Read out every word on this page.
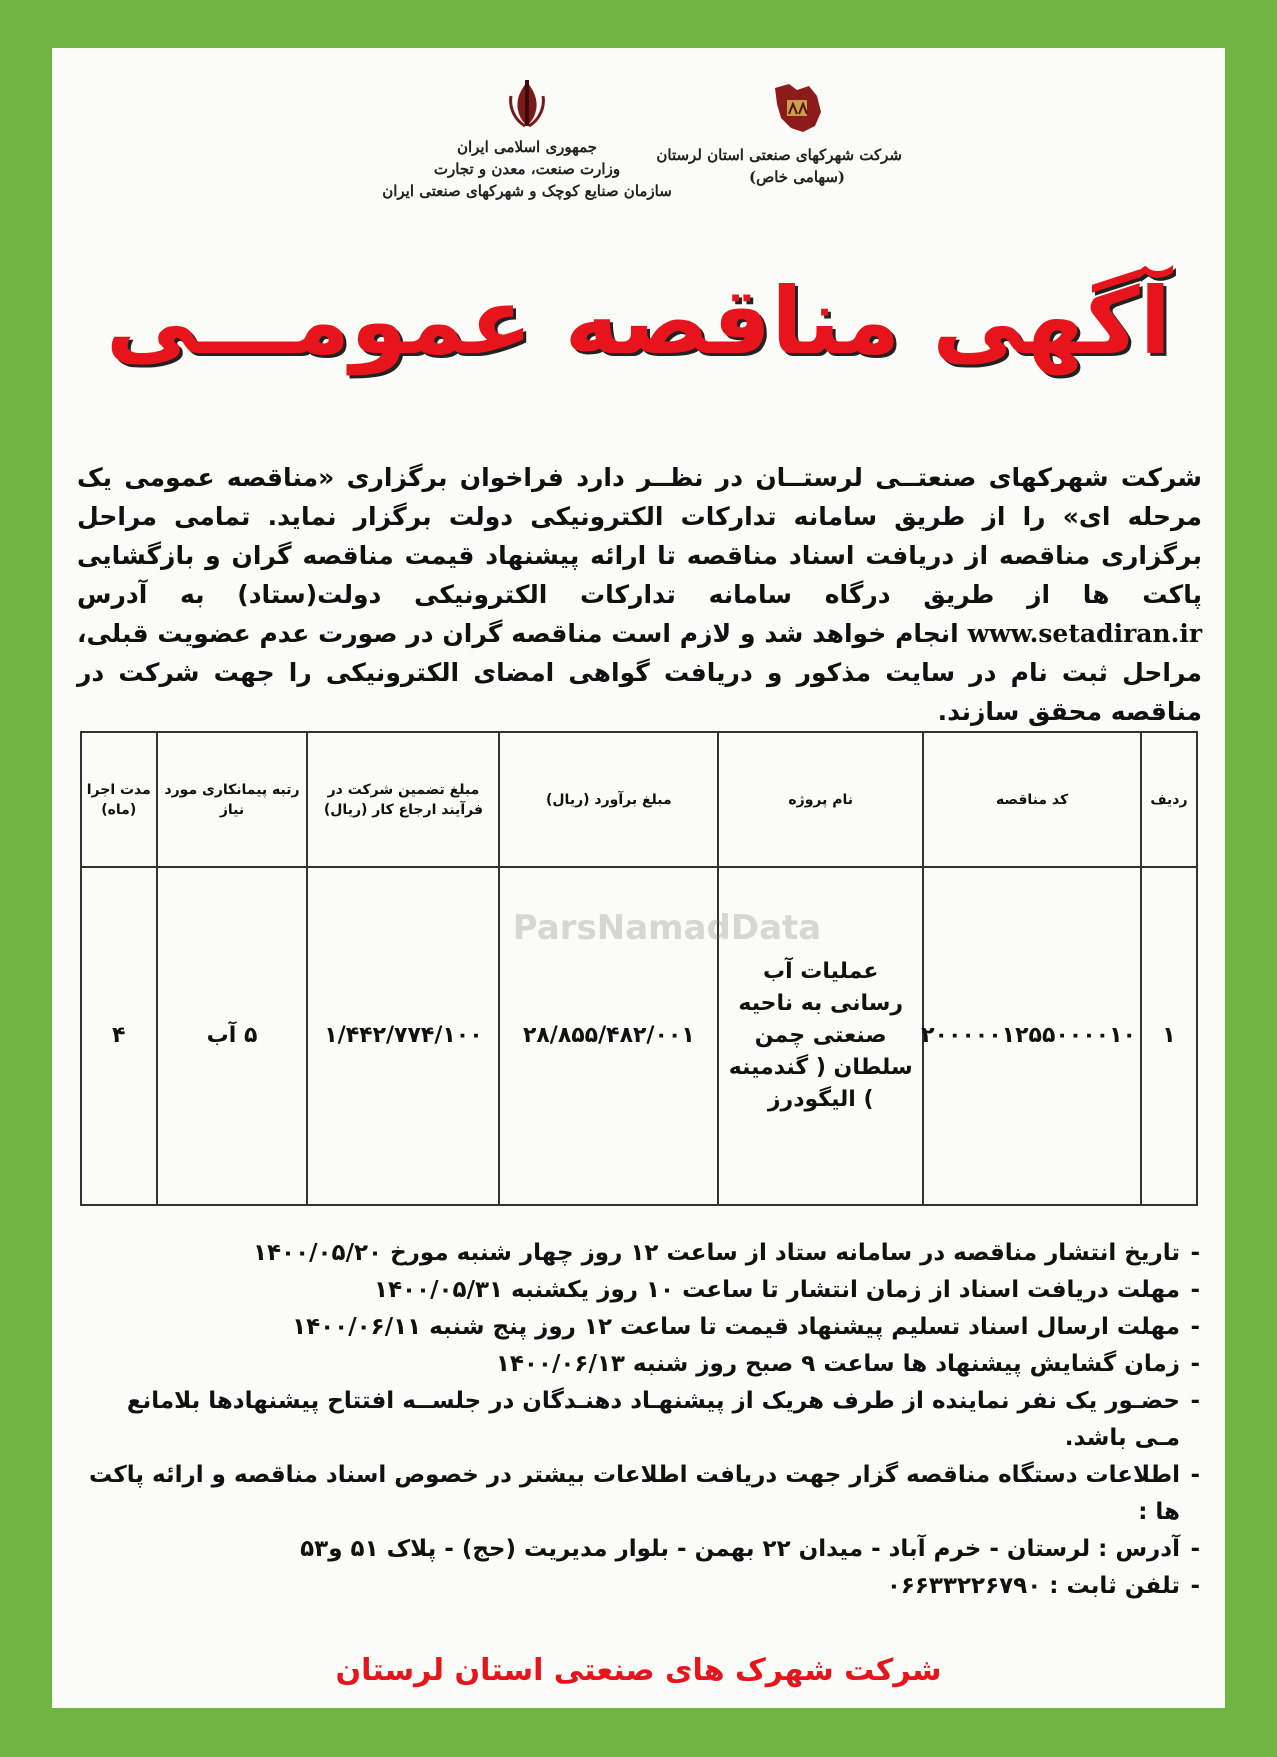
جمهوری اسلامی ایران
وزارت صنعت، معدن و تجارت
سازمان صنایع کوچک و شهرکهای صنعتی ایران
شرکت شهرکهای صنعتی استان لرستان
(سهامی خاص)
آگهی مناقصه عمومـــی
شرکت شهرکهای صنعتــی لرستــان در نظــر دارد فراخوان برگزاری «مناقصه عمومی یک مرحله ای» را از طریق سامانه تدارکات الکترونیکی دولت برگزار نماید. تمامی مراحل برگزاری مناقصه از دریافت اسناد مناقصه تا ارائه پیشنهاد قیمت مناقصه گران و بازگشایی پاکت ها از طریق درگاه سامانه تدارکات الکترونیکی دولت(ستاد) به آدرس www.setadiran.ir انجام خواهد شد و لازم است مناقصه گران در صورت عدم عضویت قبلی، مراحل ثبت نام در سایت مذکور و دریافت گواهی امضای الکترونیکی را جهت شرکت در مناقصه محقق سازند.
ردیف	کد مناقصه	نام پروژه	مبلغ برآورد (ریال)	مبلغ تضمین شرکت در فرآیند ارجاع کار (ریال)	رتبه پیمانکاری مورد نیاز	مدت اجرا (ماه)
۱	۲۰۰۰۰۰۱۲۵۵۰۰۰۰۱۰	عملیات آب رسانی به ناحیه صنعتی چمن سلطان ( گندمینه ) الیگودرز	۲۸/۸۵۵/۴۸۲/۰۰۱	۱/۴۴۲/۷۷۴/۱۰۰	۵ آب	۴
ParsNamadData
- تاریخ انتشار مناقصه در سامانه ستاد از ساعت ۱۲ روز چهار شنبه مورخ ۱۴۰۰/۰۵/۲۰
- مهلت دریافت اسناد از زمان انتشار تا ساعت ۱۰ روز یکشنبه ۱۴۰۰/۰۵/۳۱
- مهلت ارسال اسناد تسلیم پیشنهاد قیمت تا ساعت ۱۲ روز پنج شنبه ۱۴۰۰/۰۶/۱۱
- زمان گشایش پیشنهاد ها ساعت ۹ صبح روز شنبه ۱۴۰۰/۰۶/۱۳
- حضـور یک نفر نماینده از طرف هریک از پیشنهـاد دهنـدگان در جلســه افتتاح پیشنهادها بلامانع مـی باشد.
- اطلاعات دستگاه مناقصه گزار جهت دریافت اطلاعات بیشتر در خصوص اسناد مناقصه و ارائه پاکت ها :
- آدرس : لرستان - خرم آباد - میدان ۲۲ بهمن - بلوار مدیریت (حج) - پلاک ۵۱ و۵۳
- تلفن ثابت : ۰۶۶۳۳۲۲۶۷۹۰
شرکت شهرک های صنعتی استان لرستان
